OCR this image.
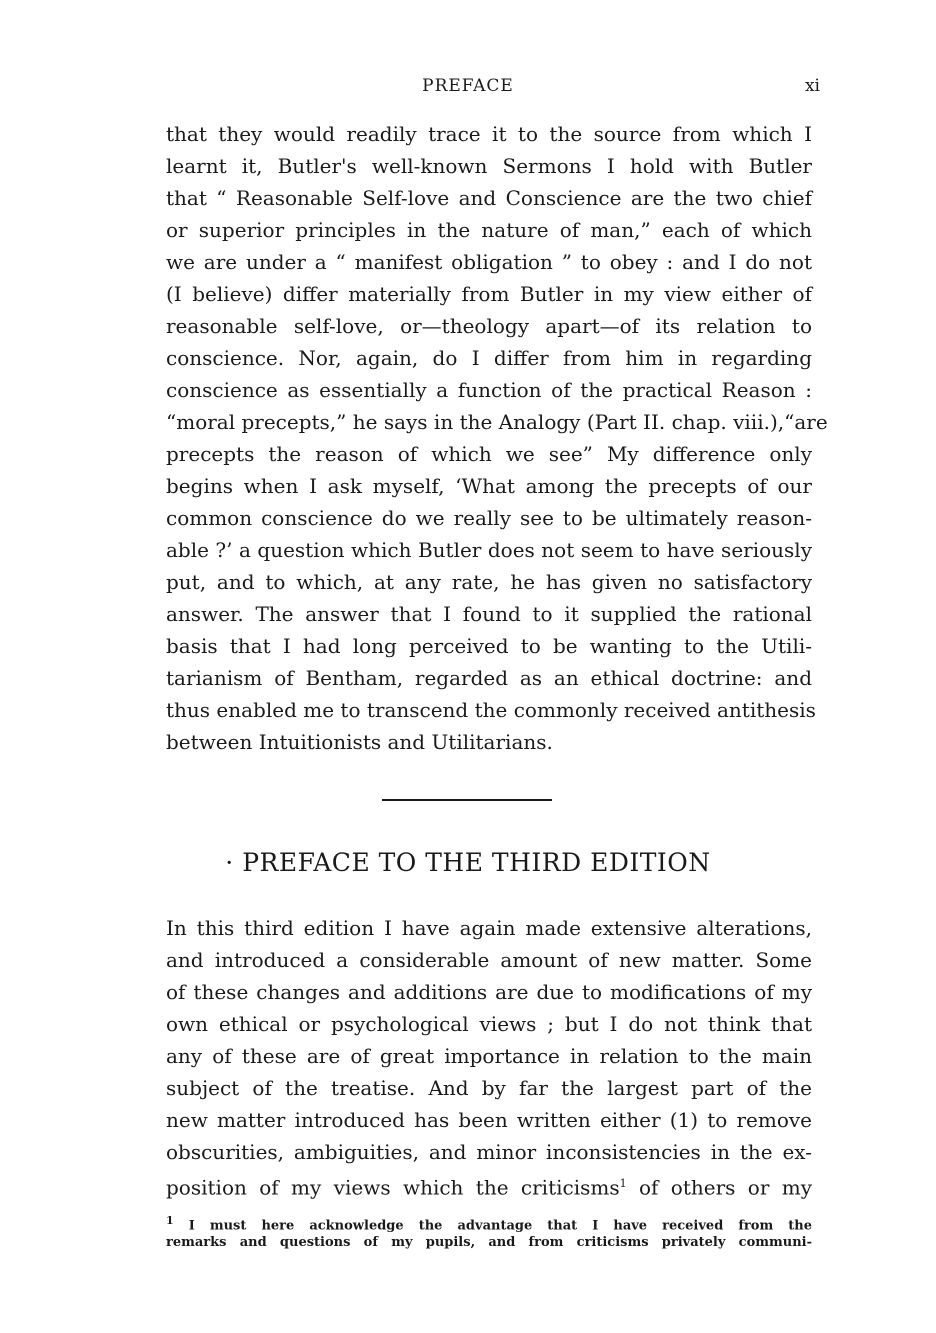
PREFACE	xi
that they would readily trace it to the source from which I
learnt it, Butler's well-known Sermons I hold with Butler
that “ Reasonable Self-love and Conscience are the two chief
or superior principles in the nature of man,” each of which
we are under a “ manifest obligation ” to obey : and I do not
(I believe) differ materially from Butler in my view either of
reasonable self-love, or—theology apart—of its relation to
conscience. Nor, again, do I differ from him in regarding
conscience as essentially a function of the practical Reason :
“moral precepts,” he says in the Analogy (Part II. chap. viii.),“are
precepts the reason of which we see” My difference only
begins when I ask myself, ‘What among the precepts of our
common conscience do we really see to be ultimately reason-
able ?’ a question which Butler does not seem to have seriously
put, and to which, at any rate, he has given no satisfactory
answer. The answer that I found to it supplied the rational
basis that I had long perceived to be wanting to the Utili-
tarianism of Bentham, regarded as an ethical doctrine: and
thus enabled me to transcend the commonly received antithesis
between Intuitionists and Utilitarians.
· PREFACE TO THE THIRD EDITION
In this third edition I have again made extensive alterations,
and introduced a considerable amount of new matter. Some
of these changes and additions are due to modifications of my
own ethical or psychological views ; but I do not think that
any of these are of great importance in relation to the main
subject of the treatise. And by far the largest part of the
new matter introduced has been written either (1) to remove
obscurities, ambiguities, and minor inconsistencies in the ex-
position of my views which the criticisms$^1$ of others or my
$^1$ I must here acknowledge the advantage that I have received from the
remarks and questions of my pupils, and from criticisms privately communi-
